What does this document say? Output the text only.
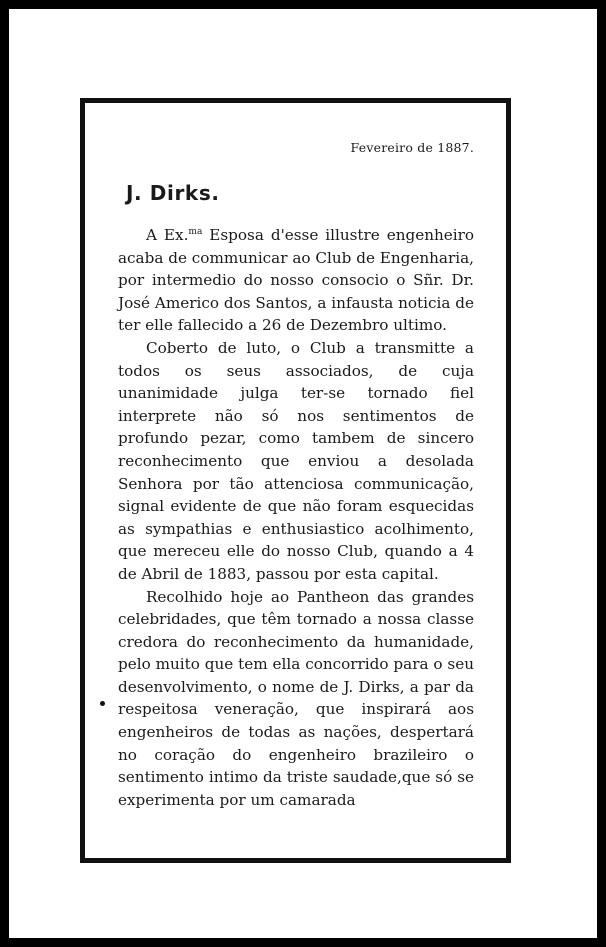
Fevereiro de 1887.

J. Dirks.

A Ex.$^{ma}$ Esposa d'esse illustre engenheiro acaba de communicar ao Club de Engenharia, por intermedio do nosso consocio o Sñr. Dr. José Americo dos Santos, a infausta noticia de ter elle fallecido a 26 de Dezembro ultimo.

Coberto de luto, o Club a transmitte a todos os seus associados, de cuja unanimidade julga ter-se tornado fiel interprete não só nos sentimentos de profundo pezar, como tambem de sincero reconhecimento que enviou a desolada Senhora por tão attenciosa communicação, signal evidente de que não foram esquecidas as sympathias e enthusiastico acolhimento, que mereceu elle do nosso Club, quando a 4 de Abril de 1883, passou por esta capital.

Recolhido hoje ao Pantheon das grandes celebridades, que têm tornado a nossa classe credora do reconhecimento da humanidade, pelo muito que tem ella concorrido para o seu desenvolvimento, o nome de J. Dirks, a par da respeitosa veneração, que inspirará aos engenheiros de todas as nações, despertará no coração do engenheiro brazileiro o sentimento intimo da triste saudade,que só se experimenta por um camarada
